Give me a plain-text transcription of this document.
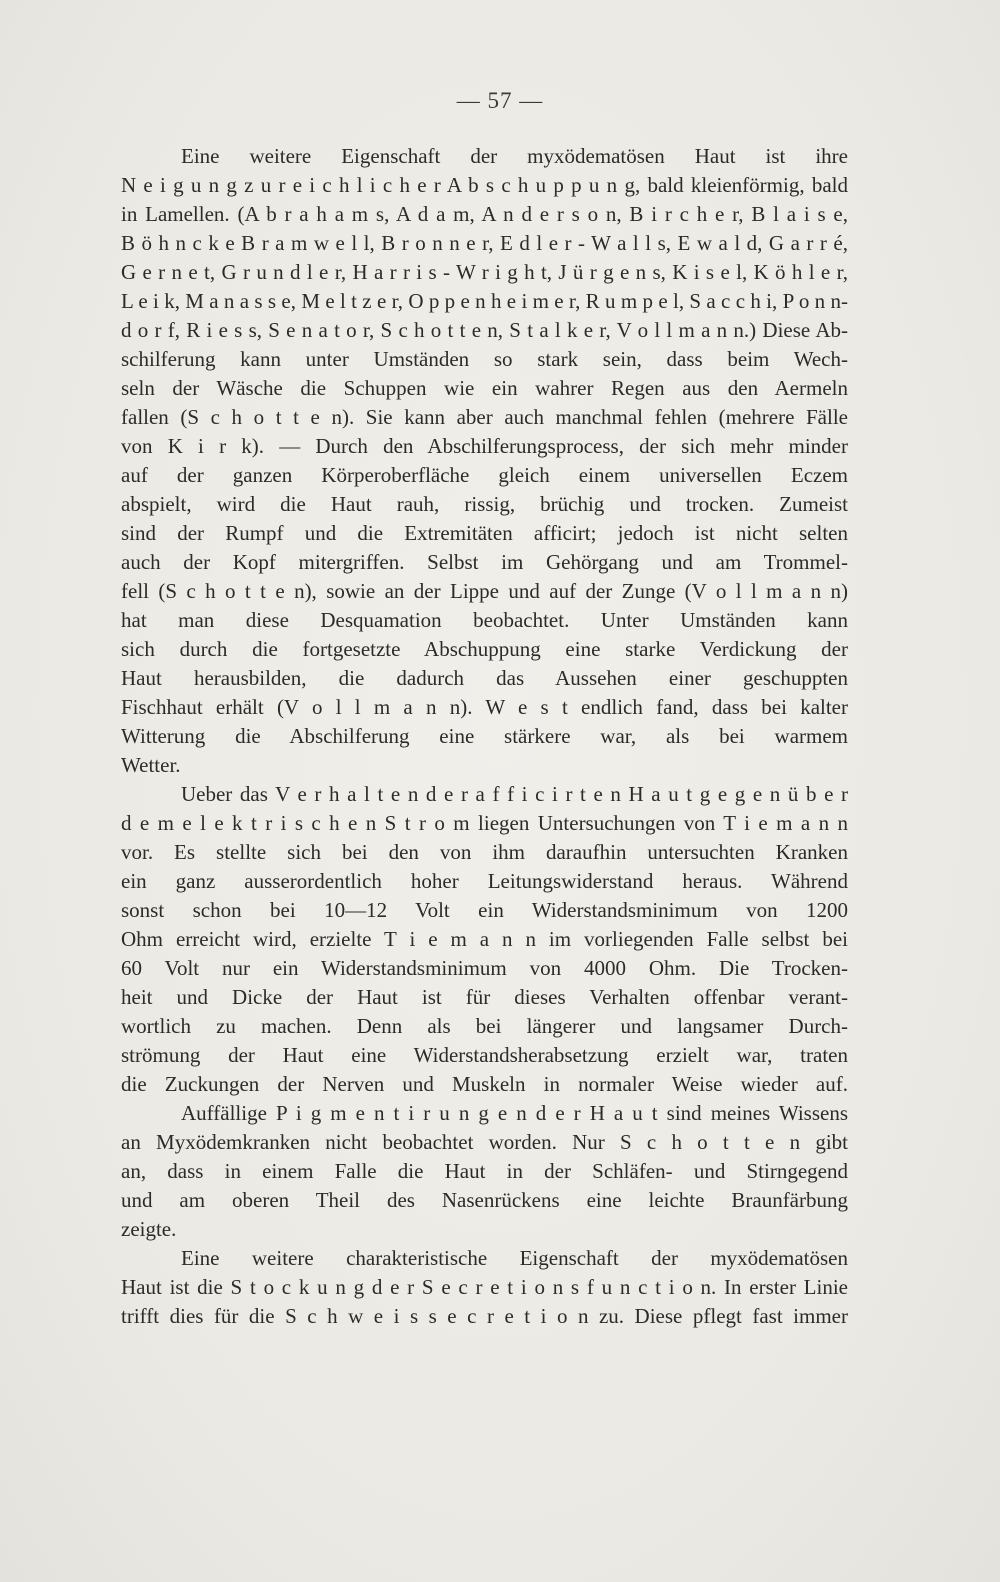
— 57 —
Eine weitere Eigenschaft der myxödematösen Haut ist ihre
N e i g u n g z u r e i c h l i c h e r A b s c h u p p u n g, bald kleienförmig, bald
in Lamellen. (A b r a h a m s, A d a m, A n d e r s o n, B i r c h e r, B l a i s e,
B ö h n c k e B r a m w e l l, B r o n n e r, E d l e r - W a l l s, E w a l d, G a r r é,
G e r n e t, G r u n d l e r, H a r r i s - W r i g h t, J ü r g e n s, K i s e l, K ö h l e r,
L e i k, M a n a s s e, M e l t z e r, O p p e n h e i m e r, R u m p e l, S a c c h i, P o n n-
d o r f, R i e s s, S e n a t o r, S c h o t t e n, S t a l k e r, V o l l m a n n.) Diese Ab-
schilferung kann unter Umständen so stark sein, dass beim Wech-
seln der Wäsche die Schuppen wie ein wahrer Regen aus den Aermeln
fallen (S c h o t t e n). Sie kann aber auch manchmal fehlen (mehrere Fälle
von K i r k). — Durch den Abschilferungsprocess, der sich mehr minder
auf der ganzen Körperoberfläche gleich einem universellen Eczem
abspielt, wird die Haut rauh, rissig, brüchig und trocken. Zumeist
sind der Rumpf und die Extremitäten afficirt; jedoch ist nicht selten
auch der Kopf mitergriffen. Selbst im Gehörgang und am Trommel-
fell (S c h o t t e n), sowie an der Lippe und auf der Zunge (V o l l m a n n)
hat man diese Desquamation beobachtet. Unter Umständen kann
sich durch die fortgesetzte Abschuppung eine starke Verdickung der
Haut herausbilden, die dadurch das Aussehen einer geschuppten
Fischhaut erhält (V o l l m a n n). W e s t endlich fand, dass bei kalter
Witterung die Abschilferung eine stärkere war, als bei warmem
Wetter.
Ueber das V e r h a l t e n d e r a f f i c i r t e n H a u t g e g e n ü b e r
d e m e l e k t r i s c h e n S t r o m liegen Untersuchungen von T i e m a n n
vor. Es stellte sich bei den von ihm daraufhin untersuchten Kranken
ein ganz ausserordentlich hoher Leitungswiderstand heraus. Während
sonst schon bei 10—12 Volt ein Widerstandsminimum von 1200
Ohm erreicht wird, erzielte T i e m a n n im vorliegenden Falle selbst bei
60 Volt nur ein Widerstandsminimum von 4000 Ohm. Die Trocken-
heit und Dicke der Haut ist für dieses Verhalten offenbar verant-
wortlich zu machen. Denn als bei längerer und langsamer Durch-
strömung der Haut eine Widerstandsherabsetzung erzielt war, traten
die Zuckungen der Nerven und Muskeln in normaler Weise wieder auf.
Auffällige P i g m e n t i r u n g e n d e r H a u t sind meines Wissens
an Myxödemkranken nicht beobachtet worden. Nur S c h o t t e n gibt
an, dass in einem Falle die Haut in der Schläfen- und Stirngegend
und am oberen Theil des Nasenrückens eine leichte Braunfärbung
zeigte.
Eine weitere charakteristische Eigenschaft der myxödematösen
Haut ist die S t o c k u n g d e r S e c r e t i o n s f u n c t i o n. In erster Linie
trifft dies für die S c h w e i s s e c r e t i o n zu. Diese pflegt fast immer
